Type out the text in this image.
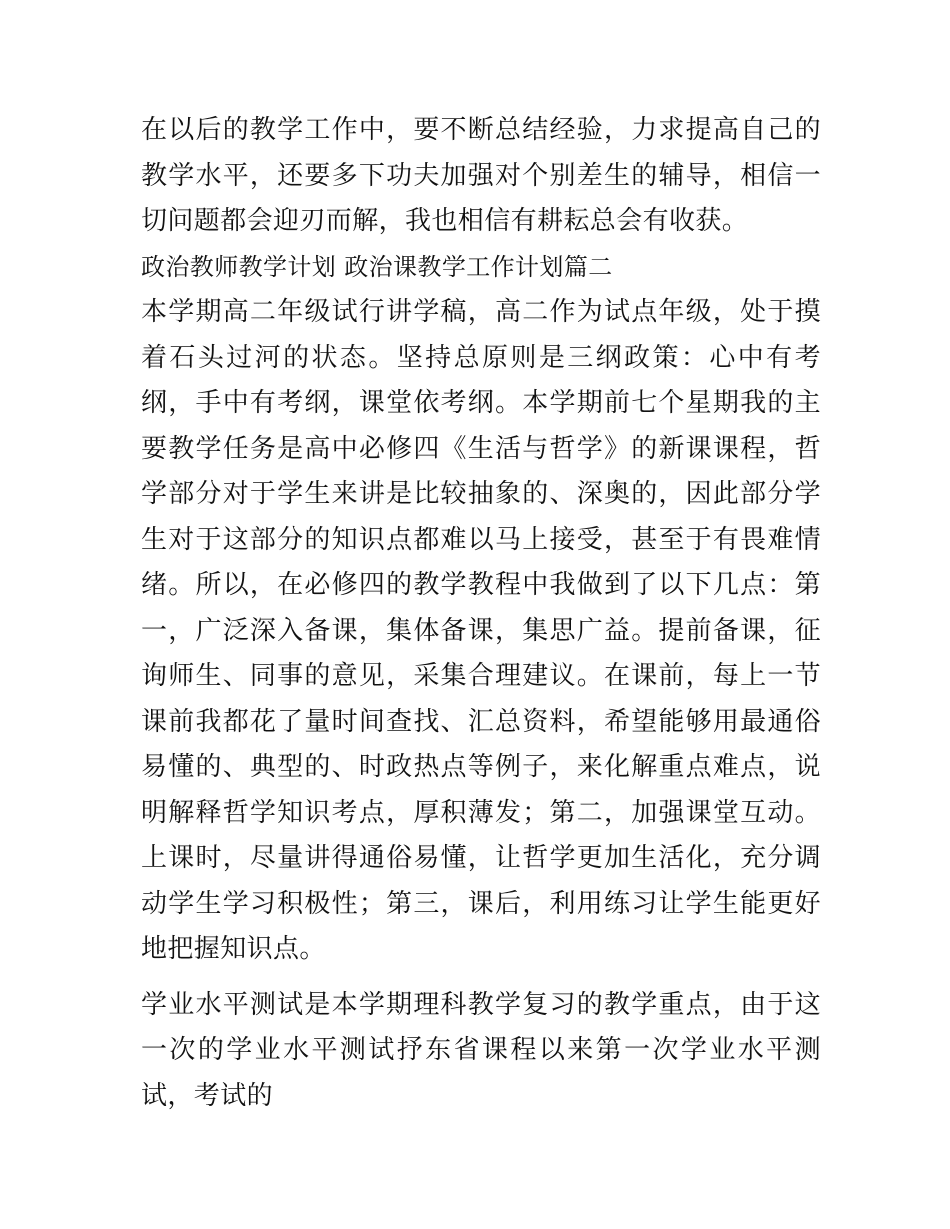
在以后的教学工作中，要不断总结经验，力求提高自己的教学水平，还要多下功夫加强对个别差生的辅导，相信一切问题都会迎刃而解，我也相信有耕耘总会有收获。

政治教师教学计划 政治课教学工作计划篇二

本学期高二年级试行讲学稿，高二作为试点年级，处于摸着石头过河的状态。坚持总原则是三纲政策：心中有考纲，手中有考纲，课堂依考纲。本学期前七个星期我的主要教学任务是高中必修四《生活与哲学》的新课课程，哲学部分对于学生来讲是比较抽象的、深奥的，因此部分学生对于这部分的知识点都难以马上接受，甚至于有畏难情绪。所以，在必修四的教学教程中我做到了以下几点：第一，广泛深入备课，集体备课，集思广益。提前备课，征询师生、同事的意见，采集合理建议。在课前，每上一节课前我都花了量时间查找、汇总资料，希望能够用最通俗易懂的、典型的、时政热点等例子，来化解重点难点，说明解释哲学知识考点，厚积薄发；第二，加强课堂互动。上课时，尽量讲得通俗易懂，让哲学更加生活化，充分调动学生学习积极性；第三，课后，利用练习让学生能更好地把握知识点。

学业水平测试是本学期理科教学复习的教学重点，由于这一次的学业水平测试抒东省课程以来第一次学业水平测试，考试的
